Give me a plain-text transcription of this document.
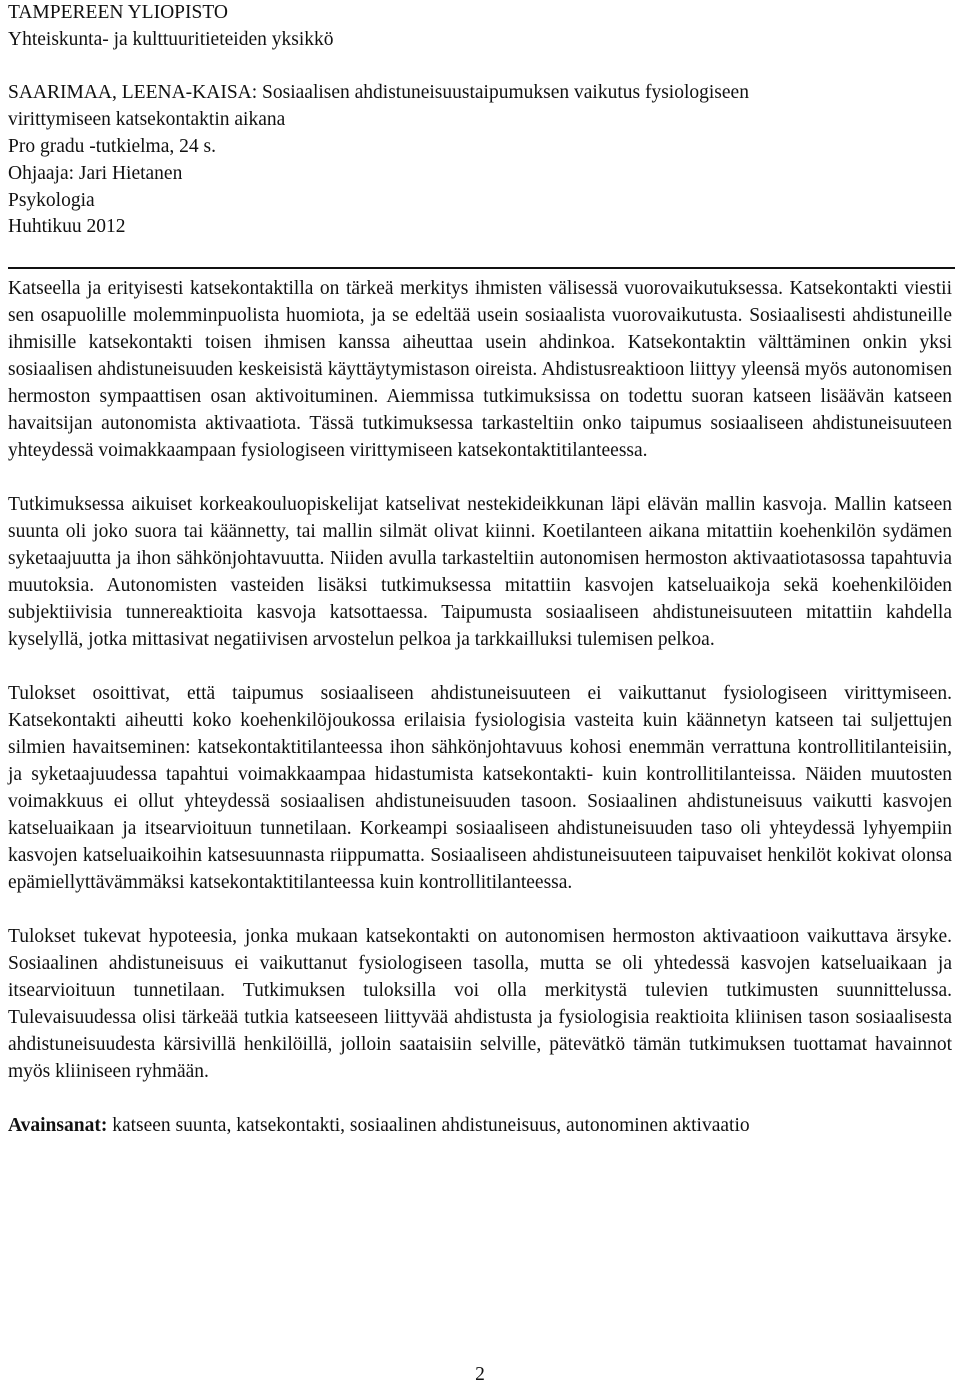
TAMPEREEN YLIOPISTO

Yhteiskunta- ja kulttuuritieteiden yksikkö

SAARIMAA, LEENA-KAISA: Sosiaalisen ahdistuneisuustaipumuksen vaikutus fysiologiseen

virittymiseen katsekontaktin aikana

Pro gradu -tutkielma, 24 s.

Ohjaaja: Jari Hietanen

Psykologia

Huhtikuu 2012

Katseella ja erityisesti katsekontaktilla on tärkeä merkitys ihmisten välisessä vuorovaikutuksessa. Katsekontakti viestii sen osapuolille molemminpuolista huomiota, ja se edeltää usein sosiaalista vuorovaikutusta. Sosiaalisesti ahdistuneille ihmisille katsekontakti toisen ihmisen kanssa aiheuttaa usein ahdinkoa. Katsekontaktin välttäminen onkin yksi sosiaalisen ahdistuneisuuden keskeisistä käyttäytymistason oireista. Ahdistusreaktioon liittyy yleensä myös autonomisen hermoston sympaattisen osan aktivoituminen. Aiemmissa tutkimuksissa on todettu suoran katseen lisäävän katseen havaitsijan autonomista aktivaatiota. Tässä tutkimuksessa tarkasteltiin onko taipumus sosiaaliseen ahdistuneisuuteen yhteydessä voimakkaampaan fysiologiseen virittymiseen katsekontaktitilanteessa.

Tutkimuksessa aikuiset korkeakouluopiskelijat katselivat nestekideikkunan läpi elävän mallin kasvoja. Mallin katseen suunta oli joko suora tai käännetty, tai mallin silmät olivat kiinni. Koetilanteen aikana mitattiin koehenkilön sydämen syketaajuutta ja ihon sähkönjohtavuutta. Niiden avulla tarkasteltiin autonomisen hermoston aktivaatiotasossa tapahtuvia muutoksia. Autonomisten vasteiden lisäksi tutkimuksessa mitattiin kasvojen katseluaikoja sekä koehenkilöiden subjektiivisia tunnereaktioita kasvoja katsottaessa. Taipumusta sosiaaliseen ahdistuneisuuteen mitattiin kahdella kyselyllä, jotka mittasivat negatiivisen arvostelun pelkoa ja tarkkailluksi tulemisen pelkoa.

Tulokset osoittivat, että taipumus sosiaaliseen ahdistuneisuuteen ei vaikuttanut fysiologiseen virittymiseen. Katsekontakti aiheutti koko koehenkilöjoukossa erilaisia fysiologisia vasteita kuin käännetyn katseen tai suljettujen silmien havaitseminen: katsekontaktitilanteessa ihon sähkönjohtavuus kohosi enemmän verrattuna kontrollitilanteisiin, ja syketaajuudessa tapahtui voimakkaampaa hidastumista katsekontakti- kuin kontrollitilanteissa. Näiden muutosten voimakkuus ei ollut yhteydessä sosiaalisen ahdistuneisuuden tasoon. Sosiaalinen ahdistuneisuus vaikutti kasvojen katseluaikaan ja itsearvioituun tunnetilaan. Korkeampi sosiaaliseen ahdistuneisuuden taso oli yhteydessä lyhyempiin kasvojen katseluaikoihin katsesuunnasta riippumatta. Sosiaaliseen ahdistuneisuuteen taipuvaiset henkilöt kokivat olonsa epämiellyttävämmäksi katsekontaktitilanteessa kuin kontrollitilanteessa.

Tulokset tukevat hypoteesia, jonka mukaan katsekontakti on autonomisen hermoston aktivaatioon vaikuttava ärsyke. Sosiaalinen ahdistuneisuus ei vaikuttanut fysiologiseen tasolla, mutta se oli yhtedessä kasvojen katseluaikaan ja itsearvioituun tunnetilaan. Tutkimuksen tuloksilla voi olla merkitystä tulevien tutkimusten suunnittelussa. Tulevaisuudessa olisi tärkeää tutkia katseeseen liittyvää ahdistusta ja fysiologisia reaktioita kliinisen tason sosiaalisesta ahdistuneisuudesta kärsivillä henkilöillä, jolloin saataisiin selville, pätevätkö tämän tutkimuksen tuottamat havainnot myös kliiniseen ryhmään.

Avainsanat: katseen suunta, katsekontakti, sosiaalinen ahdistuneisuus, autonominen aktivaatio

2
